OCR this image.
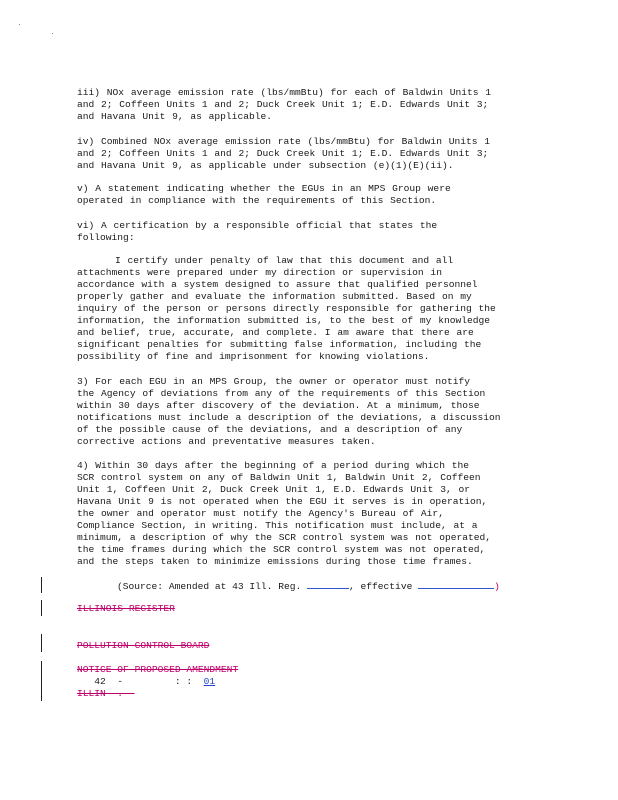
iii) NOx average emission rate (lbs/mmBtu) for each of Baldwin Units 1
and 2; Coffeen Units 1 and 2; Duck Creek Unit 1; E.D. Edwards Unit 3;
and Havana Unit 9, as applicable.
iv) Combined NOx average emission rate (lbs/mmBtu) for Baldwin Units 1
and 2; Coffeen Units 1 and 2; Duck Creek Unit 1; E.D. Edwards Unit 3;
and Havana Unit 9, as applicable under subsection (e)(1)(E)(ii).
v) A statement indicating whether the EGUs in an MPS Group were
operated in compliance with the requirements of this Section.
vi) A certification by a responsible official that states the
following:
I certify under penalty of law that this document and all
attachments were prepared under my direction or supervision in
accordance with a system designed to assure that qualified personnel
properly gather and evaluate the information submitted. Based on my
inquiry of the person or persons directly responsible for gathering the
information, the information submitted is, to the best of my knowledge
and belief, true, accurate, and complete. I am aware that there are
significant penalties for submitting false information, including the
possibility of fine and imprisonment for knowing violations.
3) For each EGU in an MPS Group, the owner or operator must notify
the Agency of deviations from any of the requirements of this Section
within 30 days after discovery of the deviation. At a minimum, those
notifications must include a description of the deviations, a discussion
of the possible cause of the deviations, and a description of any
corrective actions and preventative measures taken.
4) Within 30 days after the beginning of a period during which the
SCR control system on any of Baldwin Unit 1, Baldwin Unit 2, Coffeen
Unit 1, Coffeen Unit 2, Duck Creek Unit 1, E.D. Edwards Unit 3, or
Havana Unit 9 is not operated when the EGU it serves is in operation,
the owner and operator must notify the Agency's Bureau of Air,
Compliance Section, in writing. This notification must include, at a
minimum, a description of why the SCR control system was not operated,
the time frames during which the SCR control system was not operated,
and the steps taken to minimize emissions during those time frames.
(Source: Amended at 43 Ill. Reg.	, effective	)
ILLINOIS REGISTER
POLLUTION CONTROL BOARD
NOTICE OF PROPOSED AMENDMENT
42  -         : :  01
ILLIN  .
